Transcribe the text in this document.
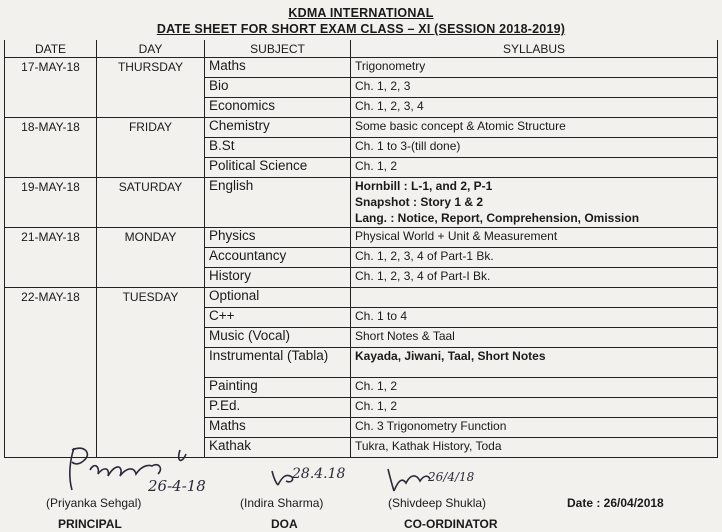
KDMA INTERNATIONAL
DATE SHEET FOR SHORT EXAM CLASS – XI (SESSION 2018-2019)
DATE	DAY	SUBJECT	SYLLABUS
17-MAY-18	THURSDAY	Maths	Trigonometry

		Bio	Ch. 1, 2, 3

		Economics	Ch. 1, 2, 3, 4

18-MAY-18	FRIDAY	Chemistry	Some basic concept & Atomic Structure

		B.St	Ch. 1 to 3-(till done)

		Political Science	Ch. 1, 2

19-MAY-18	SATURDAY	English	Hornbill : L-1, and 2, P-1
Snapshot : Story 1 & 2
Lang. : Notice, Report, Comprehension, Omission

21-MAY-18	MONDAY	Physics	Physical World + Unit & Measurement

		Accountancy	Ch. 1, 2, 3, 4 of Part-1 Bk.

		History	Ch. 1, 2, 3, 4 of Part-I Bk.

22-MAY-18	TUESDAY	Optional	

		C++	Ch. 1 to 4

		Music (Vocal)	Short Notes & Taal

		Instrumental (Tabla)	Kayada, Jiwani, Taal, Short Notes

		Painting	Ch. 1, 2

		P.Ed.	Ch. 1, 2

		Maths	Ch. 3 Trigonometry Function

		Kathak	Tukra, Kathak History, Toda
26-4-18
28.4.18	26/4/18
(Priyanka Sehgal)	(Indira Sharma)	(Shivdeep Shukla)	Date : 26/04/2018
PRINCIPAL	DOA	CO-ORDINATOR
